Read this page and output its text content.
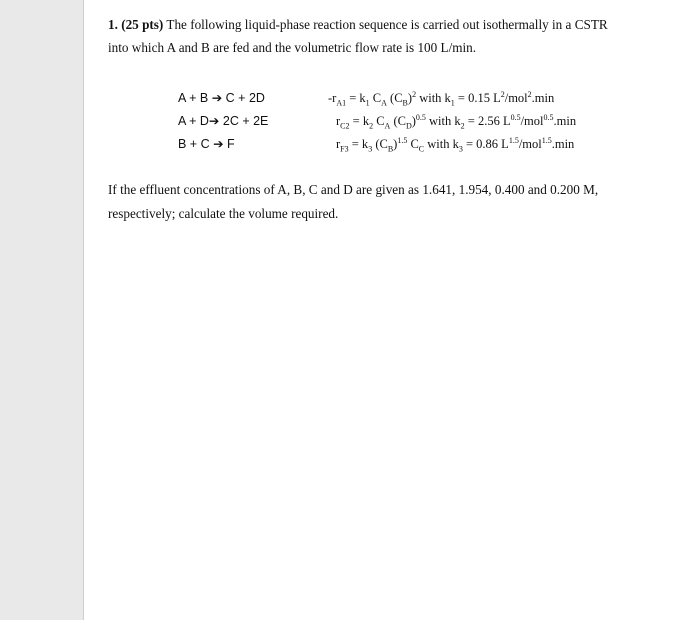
1. (25 pts) The following liquid-phase reaction sequence is carried out isothermally in a CSTR into which A and B are fed and the volumetric flow rate is 100 L/min.
A + B ➔ C + 2D
A + D➔ 2C + 2E
B + C ➔ F
$-r_{A1} = k_1$ $C_A$ $(C_B)^2$ with $k_1 = 0.15$ $L^2/mol^2.\min$
$r_{C2} = k_2$ $C_A$ $(C_D)^{0.5}$ with $k_2 = 2.56$ $L^{0.5}/mol^{0.5}.\min$
$r_{F3} = k_3$ $(C_B)^{1.5}$ $C_C$ with $k_3 = 0.86$ $L^{1.5}/mol^{1.5}.\min$
If the effluent concentrations of A, B, C and D are given as 1.641, 1.954, 0.400 and 0.200 M, respectively; calculate the volume required.
